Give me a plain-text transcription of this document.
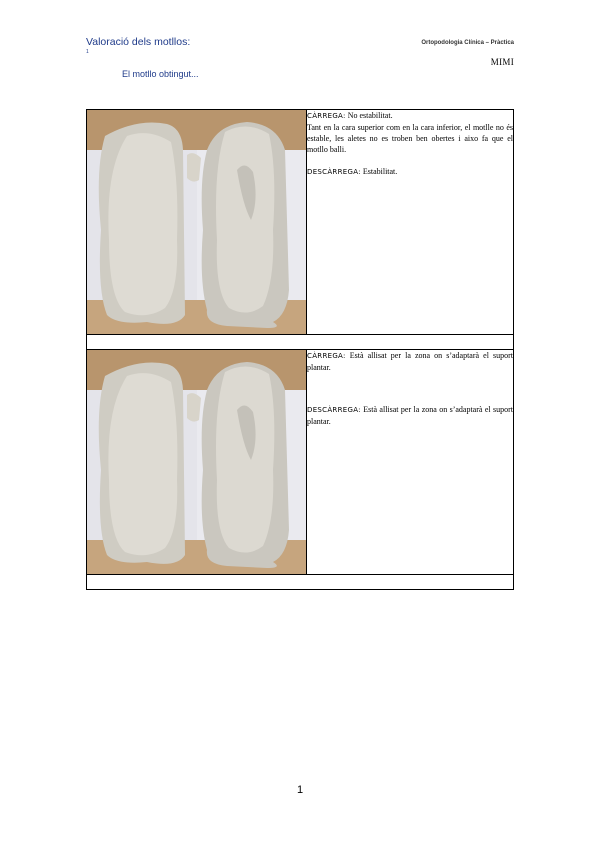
Valoració dels motllos:
1
Ortopodologia Clínica – Pràctica
MIMI
El motllo obtingut...

CÀRREGA: No estabilitat.

Tant en la cara superior com en la cara inferior, el motlle no és estable, les aletes no es troben ben obertes i aixo fa que el motllo balli.

DESCÀRREGA: Estabilitat.

CÀRREGA: Està allisat per la zona on s’adaptarà el suport plantar.

DESCÀRREGA: Està allisat per la zona on s’adaptarà el suport plantar.

1
